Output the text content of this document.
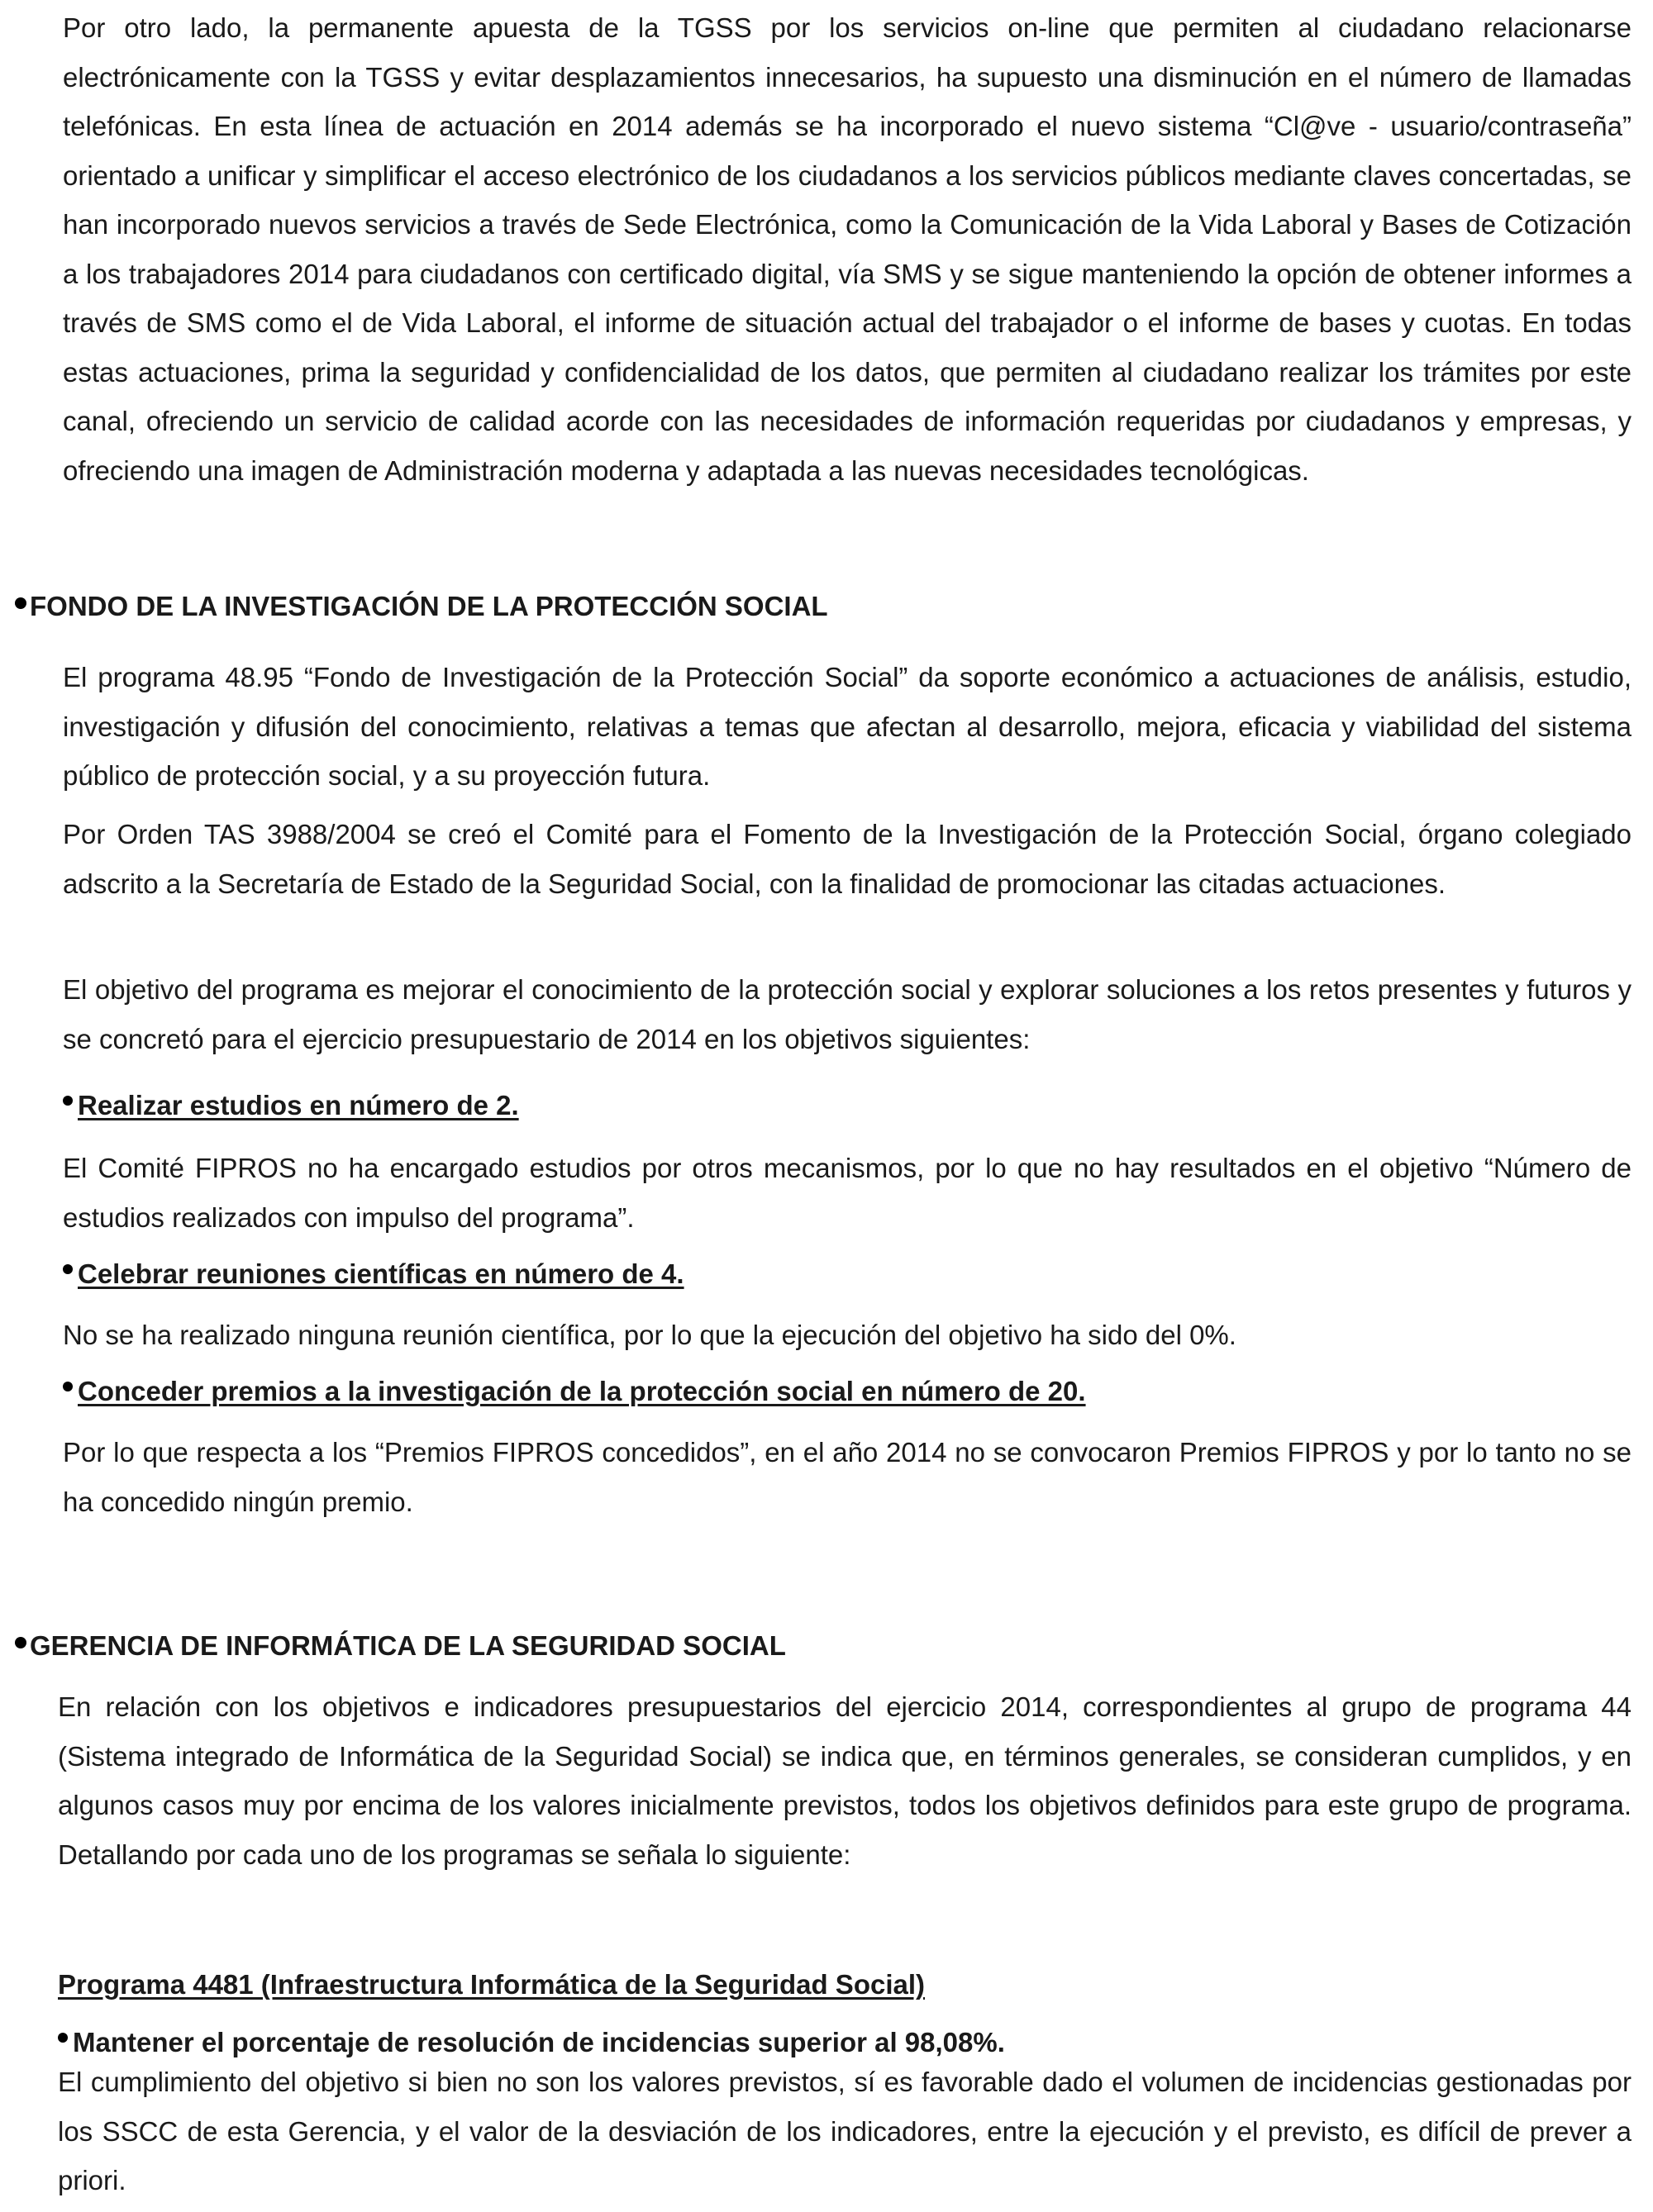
Por otro lado, la permanente apuesta de la TGSS por los servicios on-line que permiten al ciudadano relacionarse electrónicamente con la TGSS y evitar desplazamientos innecesarios, ha supuesto una disminución en el número de llamadas telefónicas. En esta línea de actuación en 2014 además se ha incorporado el nuevo sistema “Cl@ve - usuario/contraseña” orientado a unificar y simplificar el acceso electrónico de los ciudadanos a los servicios públicos mediante claves concertadas, se han incorporado nuevos servicios a través de Sede Electrónica, como la Comunicación de la Vida Laboral y Bases de Cotización a los trabajadores 2014 para ciudadanos con certificado digital, vía SMS y se sigue manteniendo la opción de obtener informes a través de SMS como el de Vida Laboral, el informe de situación actual del trabajador o el informe de bases y cuotas. En todas estas actuaciones, prima la seguridad y confidencialidad de los datos, que permiten al ciudadano realizar los trámites por este canal, ofreciendo un servicio de calidad acorde con las necesidades de información requeridas por ciudadanos y empresas, y ofreciendo una imagen de Administración moderna y adaptada a las nuevas necesidades tecnológicas.

FONDO DE LA INVESTIGACIÓN DE LA PROTECCIÓN SOCIAL

El programa 48.95 “Fondo de Investigación de la Protección Social” da soporte económico a actuaciones de análisis, estudio, investigación y difusión del conocimiento, relativas a temas que afectan al desarrollo, mejora, eficacia y viabilidad del sistema público de protección social, y a su proyección futura.

Por Orden TAS 3988/2004 se creó el Comité para el Fomento de la Investigación de la Protección Social, órgano colegiado adscrito a la Secretaría de Estado de la Seguridad Social, con la finalidad de promocionar las citadas actuaciones.

El objetivo del programa es mejorar el conocimiento de la protección social y explorar soluciones a los retos presentes y futuros y se concretó para el ejercicio presupuestario de 2014 en los objetivos siguientes:

Realizar estudios en número de 2.

El Comité FIPROS no ha encargado estudios por otros mecanismos, por lo que no hay resultados en el objetivo “Número de estudios realizados con impulso del programa”.

Celebrar reuniones científicas en número de 4.

No se ha realizado ninguna reunión científica, por lo que la ejecución del objetivo ha sido del 0%.

Conceder premios a la investigación de la protección social en número de 20.

Por lo que respecta a los “Premios FIPROS concedidos”, en el año 2014 no se convocaron Premios FIPROS y por lo tanto no se ha concedido ningún premio.

GERENCIA DE INFORMÁTICA DE LA SEGURIDAD SOCIAL

En relación con los objetivos e indicadores presupuestarios del ejercicio 2014, correspondientes al grupo de programa 44 (Sistema integrado de Informática de la Seguridad Social) se indica que, en términos generales, se consideran cumplidos, y en algunos casos muy por encima de los valores inicialmente previstos, todos los objetivos definidos para este grupo de programa. Detallando por cada uno de los programas se señala lo siguiente:

Programa 4481 (Infraestructura Informática de la Seguridad Social)
Mantener el porcentaje de resolución de incidencias superior al 98,08%.

El cumplimiento del objetivo si bien no son los valores previstos, sí es favorable dado el volumen de incidencias gestionadas por los SSCC de esta Gerencia, y el valor de la desviación de los indicadores, entre la ejecución y el previsto, es difícil de prever a priori.
